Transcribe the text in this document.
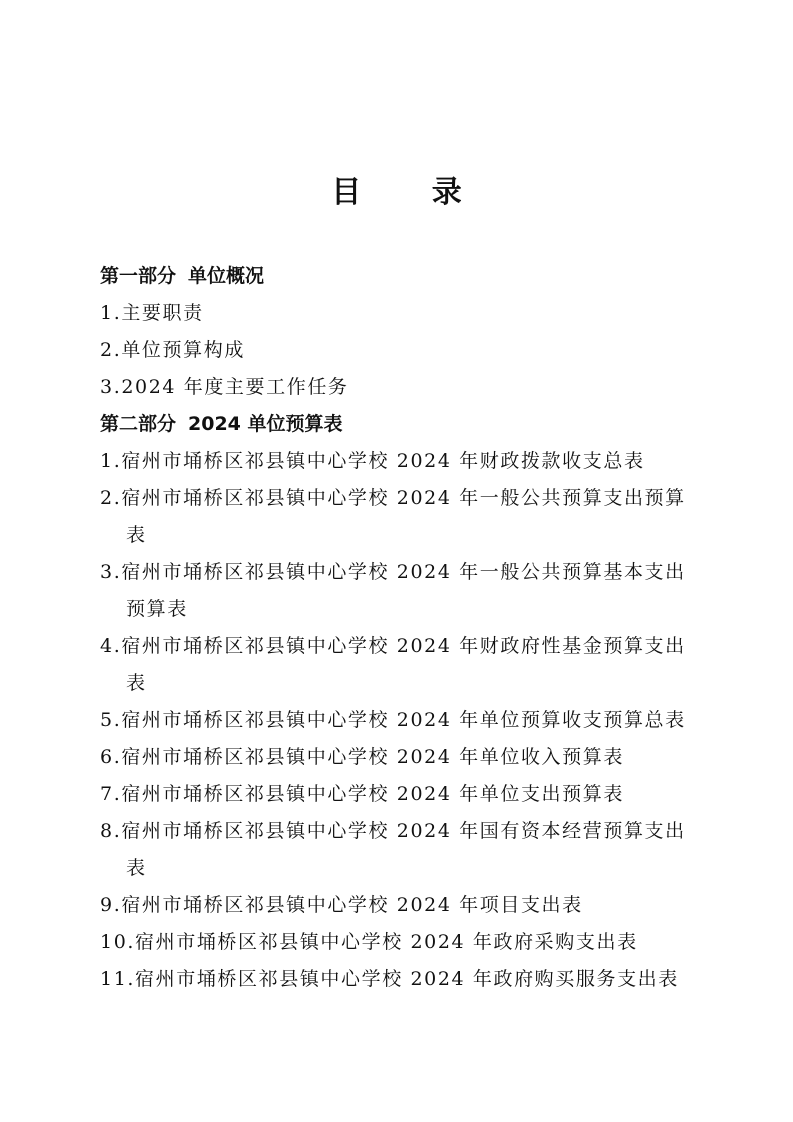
目 录
第一部分 单位概况
1.主要职责
2.单位预算构成
3.2024 年度主要工作任务
第二部分 2024 单位预算表
1.宿州市埇桥区祁县镇中心学校 2024 年财政拨款收支总表
2.宿州市埇桥区祁县镇中心学校 2024 年一般公共预算支出预算表
3.宿州市埇桥区祁县镇中心学校 2024 年一般公共预算基本支出预算表
4.宿州市埇桥区祁县镇中心学校 2024 年财政府性基金预算支出表
5.宿州市埇桥区祁县镇中心学校 2024 年单位预算收支预算总表
6.宿州市埇桥区祁县镇中心学校 2024 年单位收入预算表
7.宿州市埇桥区祁县镇中心学校 2024 年单位支出预算表
8.宿州市埇桥区祁县镇中心学校 2024 年国有资本经营预算支出表
9.宿州市埇桥区祁县镇中心学校 2024 年项目支出表
10.宿州市埇桥区祁县镇中心学校 2024 年政府采购支出表
11.宿州市埇桥区祁县镇中心学校 2024 年政府购买服务支出表
